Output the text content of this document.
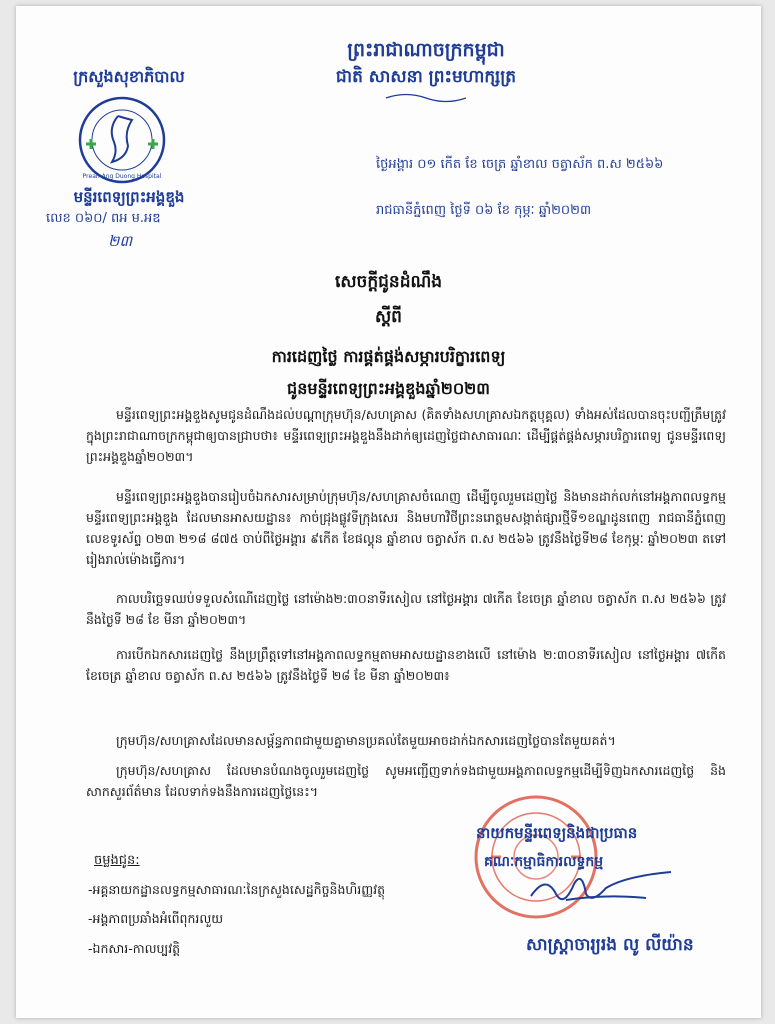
ព្រះរាជាណាចក្រកម្ពុជា
ជាតិ សាសនា ព្រះមហាក្សត្រ
ក្រសួងសុខាភិបាល
Preah Ang Duong Hospital
មន្ទីរពេទ្យព្រះអង្គឌួង
លេខ ០៦០/ ពអ ម.អឌ
២៣
ថ្ងៃអង្គារ ០១ កើត ខែ ចេត្រ ឆ្នាំខាល ចត្វាស័ក ព.ស ២៥៦៦
រាជធានីភ្នំពេញ ថ្ងៃទី ០៦ ខែ កុម្ភៈ ឆ្នាំ២០២៣
សេចក្តីជូនដំណឹង
ស្តីពី
ការដេញថ្លៃ ការផ្គត់ផ្គង់សម្ភារបរិក្ខារពេទ្យ
ជូនមន្ទីរពេទ្យព្រះអង្គឌួងឆ្នាំ២០២៣
មន្ទីរពេទ្យព្រះអង្គឌួងសូមជូនដំណឹងដល់បណ្តាក្រុមហ៊ុន/សហគ្រាស (គិតទាំងសហគ្រាសឯកត្តបុគ្គល) ទាំងអស់ដែលបានចុះបញ្ជីត្រឹមត្រូវក្នុងព្រះរាជាណាចក្រកម្ពុជាឲ្យបានជ្រាបថា៖ មន្ទីរពេទ្យព្រះអង្គឌួងនឹងដាក់ឲ្យដេញថ្លៃជាសាធារណៈ ដើម្បីផ្គត់ផ្គង់សម្ភារបរិក្ខារពេទ្យ ជូនមន្ទីរពេទ្យព្រះអង្គឌួងឆ្នាំ២០២៣។
មន្ទីរពេទ្យព្រះអង្គឌួងបានរៀបចំឯកសារសម្រាប់ក្រុមហ៊ុន/សហគ្រាសចំណេញ ដើម្បីចូលរួមដេញថ្លៃ និងមានដាក់លក់នៅអង្គភាពលទ្ធកម្មមន្ទីរពេទ្យព្រះអង្គឌួង ដែលមានអាសយដ្ឋាន៖ កាច់ជ្រុងផ្លូវទីក្រុងសេរ និងមហាវិថីព្រះនរោត្តមសង្កាត់ផ្សារថ្មីទី១ខណ្ឌដូនពេញ រាជធានីភ្នំពេញ លេខទូរស័ព្ទ ០២៣ ២១៨ ៨៧៥ ចាប់ពីថ្ងៃអង្គារ ៩កើត ខែផល្គុន ឆ្នាំខាល ចត្វាស័ក ព.ស ២៥៦៦ ត្រូវនឹងថ្ងៃទី២៨ ខែកុម្ភៈ ឆ្នាំ២០២៣ តទៅរៀងរាល់ម៉ោងធ្វើការ។
កាលបរិច្ឆេទឈប់ទទួលសំណើដេញថ្លៃ នៅម៉ោង២:៣០នាទីរសៀល នៅថ្ងៃអង្គារ ៧កើត ខែចេត្រ ឆ្នាំខាល ចត្វាស័ក ព.ស ២៥៦៦ ត្រូវនឹងថ្ងៃទី ២៨ ខែ មីនា ឆ្នាំ២០២៣។
ការបើកឯកសារដេញថ្លៃ នឹងប្រព្រឹត្តទៅនៅអង្គភាពលទ្ធកម្មតាមអាសយដ្ឋានខាងលើ នៅម៉ោង ២:៣០នាទីរសៀល នៅថ្ងៃអង្គារ ៧កើត ខែចេត្រ ឆ្នាំខាល ចត្វាស័ក ព.ស ២៥៦៦ ត្រូវនឹងថ្ងៃទី ២៨ ខែ មីនា ឆ្នាំ២០២៣៖
ក្រុមហ៊ុន/សហគ្រាសដែលមានសម្ព័ន្ធភាពជាមួយគ្នាមានប្រគល់តែមួយអាចដាក់ឯកសារដេញថ្លៃបានតែមួយគត់។
ក្រុមហ៊ុន/សហគ្រាស ដែលមានបំណងចូលរួមដេញថ្លៃ សូមអញ្ជើញទាក់ទងជាមួយអង្គភាពលទ្ធកម្មដើម្បីទិញឯកសារដេញថ្លៃ និងសាកសួរព័ត៌មាន ដែលទាក់ទងនឹងការដេញថ្លៃនេះ។
នាយកមន្ទីរពេទ្យនិងជាប្រធាន
គណៈកម្មាធិការលទ្ធកម្ម
សាស្ត្រាចារ្យរង លូ លីយ៉ាន
ចម្លងជូន:
-អគ្គនាយកដ្ឋានលទ្ធកម្មសាធារណៈនៃក្រសួងសេដ្ឋកិច្ចនិងហិរញ្ញវត្ថុ
-អង្គភាពប្រឆាំងអំពើពុករលួយ
-ឯកសារ-កាលប្បវត្តិ
